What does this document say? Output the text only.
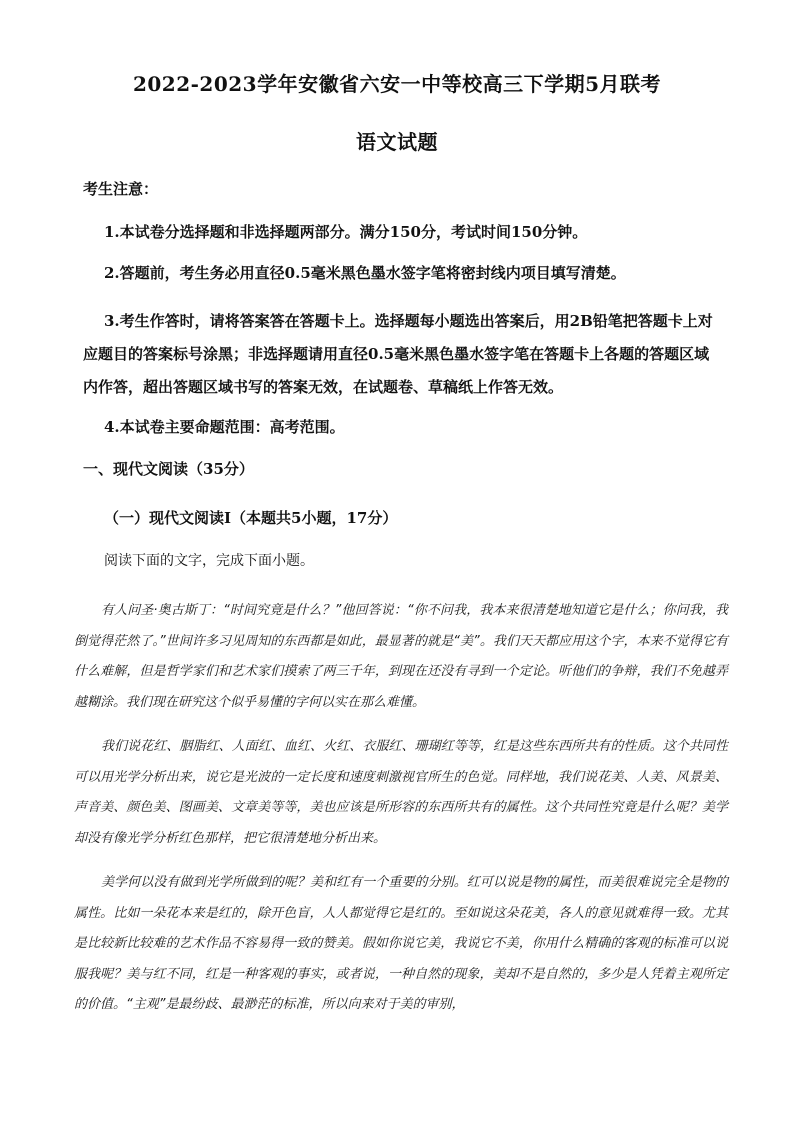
2022-2023学年安徽省六安一中等校高三下学期5月联考
语文试题
考生注意：
1.本试卷分选择题和非选择题两部分。满分150分，考试时间150分钟。
2.答题前，考生务必用直径0.5毫米黑色墨水签字笔将密封线内项目填写清楚。
3.考生作答时，请将答案答在答题卡上。选择题每小题选出答案后，用2B铅笔把答题卡上对应题目的答案标号涂黑；非选择题请用直径0.5毫米黑色墨水签字笔在答题卡上各题的答题区域内作答，超出答题区域书写的答案无效，在试题卷、草稿纸上作答无效。
4.本试卷主要命题范围：高考范围。
一、现代文阅读（35分）
（一）现代文阅读Ⅰ（本题共5小题，17分）
阅读下面的文字，完成下面小题。
有人问圣·奥古斯丁：“时间究竟是什么？”他回答说：“你不问我，我本来很清楚地知道它是什么；你问我，我倒觉得茫然了。”世间许多习见周知的东西都是如此，最显著的就是“美”。我们天天都应用这个字，本来不觉得它有什么难解，但是哲学家们和艺术家们摸索了两三千年，到现在还没有寻到一个定论。听他们的争辩，我们不免越弄越糊涂。我们现在研究这个似乎易懂的字何以实在那么难懂。
我们说花红、胭脂红、人面红、血红、火红、衣服红、珊瑚红等等，红是这些东西所共有的性质。这个共同性可以用光学分析出来，说它是光波的一定长度和速度刺激视官所生的色觉。同样地，我们说花美、人美、风景美、声音美、颜色美、图画美、文章美等等，美也应该是所形容的东西所共有的属性。这个共同性究竟是什么呢？美学却没有像光学分析红色那样，把它很清楚地分析出来。
美学何以没有做到光学所做到的呢？美和红有一个重要的分别。红可以说是物的属性，而美很难说完全是物的属性。比如一朵花本来是红的，除开色盲，人人都觉得它是红的。至如说这朵花美，各人的意见就难得一致。尤其是比较新比较难的艺术作品不容易得一致的赞美。假如你说它美，我说它不美，你用什么精确的客观的标准可以说服我呢？美与红不同，红是一种客观的事实，或者说，一种自然的现象，美却不是自然的，多少是人凭着主观所定的价值。“主观”是最纷歧、最渺茫的标准，所以向来对于美的审别，
